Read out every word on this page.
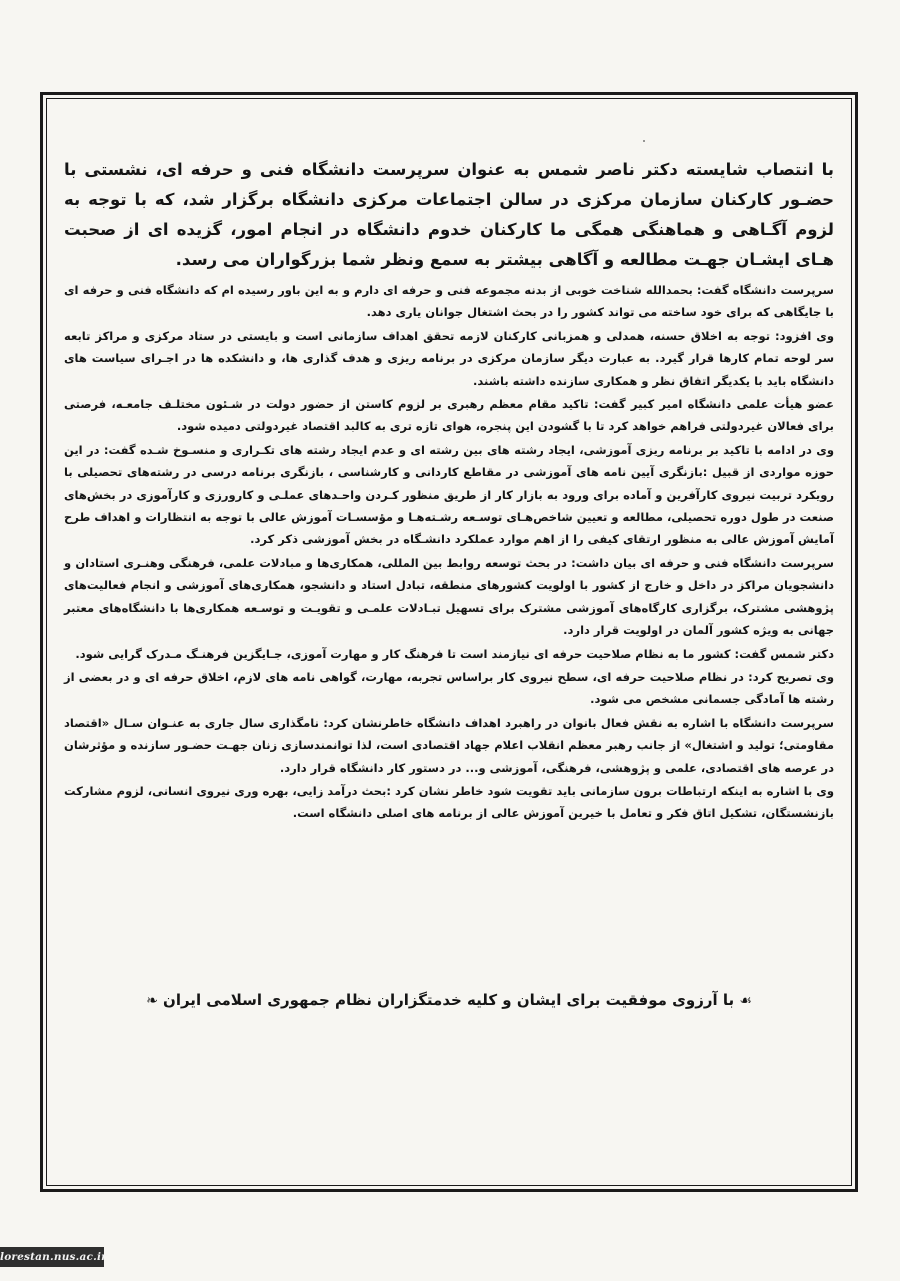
با انتصاب شایسته دکتر ناصر شمس به عنوان سرپرست دانشگاه فنی و حرفه ای، نشستی با حضـور کارکنان سازمان مرکزی در سالن اجتماعات مرکزی دانشگاه برگزار شد، که با توجه به لزوم آگـاهی و هماهنگی همگی ما کارکنان خدوم دانشگاه در انجام امور، گزیده ای از صحبت هـای ایشـان جهـت مطالعه و آگاهی بیشتر به سمع ونظر شما بزرگواران می رسد.

سرپرست دانشگاه گفت: بحمدالله شناخت خوبی از بدنه مجموعه فنی و حرفه ای دارم و به این باور رسیده ام که دانشگاه فنی و حرفه ای با جایگاهی که برای خود ساخته می تواند کشور را در بحث اشتغال جوانان یاری دهد.

وی افزود: توجه به اخلاق حسنه، همدلی و همزبانی کارکنان لازمه تحقق اهداف سازمانی است و بایستی در ستاد مرکزی و مراکز تابعه سر لوحه تمام کارها قرار گیرد. به عبارت دیگر سازمان مرکزی در برنامه ریزی و هدف گذاری ها، و دانشکده ها در اجـرای سیاست های دانشگاه باید با یکدیگر اتفاق نظر و همکاری سازنده داشته باشند.

عضو هیأت علمی دانشگاه امیر کبیر گفت: تاکید مقام معظم رهبری بر لزوم کاستن از حضور دولت در شـئون مختلـف جامعـه، فرصتی برای فعالان غیردولتی فراهم خواهد کرد تا با گشودن این پنجره، هوای تازه تری به کالبد اقتصاد غیردولتی دمیده شود.

وی در ادامه با تاکید بر برنامه ریزی آموزشی، ایجاد رشته های بین رشته ای و عدم ایجاد رشته های تکـراری و منسـوخ شـده گفت: در این حوزه مواردی از قبیل :بازنگری آیین نامه های آموزشی در مقاطع کاردانی و کارشناسی ، بازنگری برنامه درسی در رشته‌های تحصیلی با رویکرد تربیت نیروی کارآفرین و آماده برای ورود به بازار کار از طریق منظور کـردن واحـدهای عملـی و کارورزی و کارآموزی در بخش‌های صنعت در طول دوره تحصیلی، مطالعه و تعیین شاخص‌هـای توسـعه رشـته‌هـا و مؤسسـات آموزش عالی با توجه به انتظارات و اهداف طرح آمایش آموزش عالی به منظور ارتقای کیفی را از اهم موارد عملکرد دانشـگاه در بخش آموزشی ذکر کرد.

سرپرست دانشگاه فنی و حرفه ای بیان داشت: در بحث توسعه روابط بین المللی، همکاری‌ها و مبادلات علمی، فرهنگی وهنـری استادان و دانشجویان مراکز در داخل و خارج از کشور با اولویت کشورهای منطقه، تبادل استاد و دانشجو، همکاری‌های آموزشی و انجام فعالیت‌های پژوهشی مشترک، برگزاری کارگاه‌های آموزشی مشترک برای تسهیل تبـادلات علمـی و تقویـت و توسـعه همکاری‌ها با دانشگاه‌های معتبر جهانی به ویژه کشور آلمان در اولویت قرار دارد.

دکتر شمس گفت: کشور ما به نظام صلاحیت حرفه ای نیازمند است تا فرهنگ کار و مهارت آموزی، جـایگزین فرهنـگ مـدرک گرایی شود.

وی تصریح کرد: در نظام صلاحیت حرفه ای، سطح نیروی کار براساس تجربه، مهارت، گواهی نامه های لازم، اخلاق حرفه ای و در بعضی از رشته ها آمادگی جسمانی مشخص می شود.

سرپرست دانشگاه با اشاره به نقش فعال بانوان در راهبرد اهداف دانشگاه خاطرنشان کرد: نامگذاری سال جاری به عنـوان سـال «اقتصاد مقاومتی؛ تولید و اشتغال» از جانب رهبر معظم انقلاب اعلام جهاد اقتصادی است، لذا توانمندسازی زنان جهـت حضـور سازنده و مؤثرشان در عرصه های اقتصادی، علمی و پژوهشی، فرهنگی، آموزشی و... در دستور کار دانشگاه قرار دارد.

وی با اشاره به اینکه ارتباطات برون سازمانی باید تقویت شود خاطر نشان کرد :بحث درآمد زایی، بهره وری نیروی انسانی، لزوم مشارکت بازنشستگان، تشکیل اتاق فکر و تعامل با خیرین آموزش عالی از برنامه های اصلی دانشگاه است.

☙ با آرزوی موفقیت برای ایشان و کلیه خدمتگزاران نظام جمهوری اسلامی ایران ❧
lorestan.nus.ac.ir
